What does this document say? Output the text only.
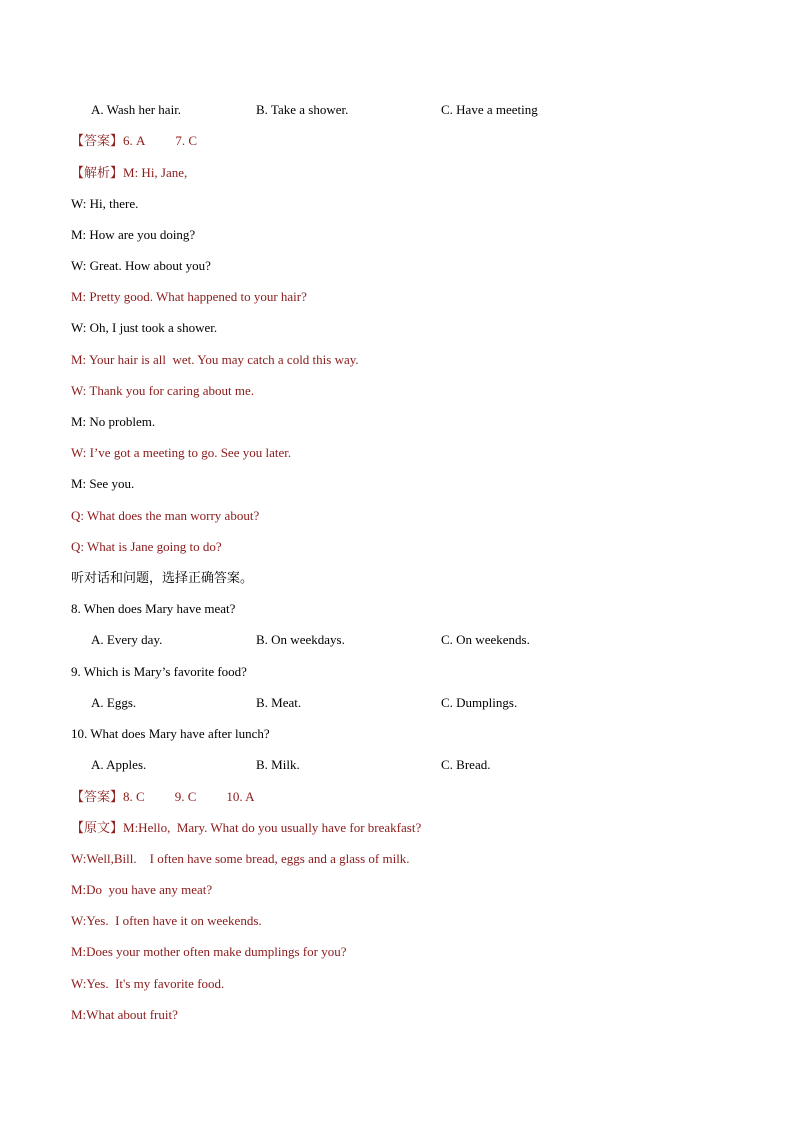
A. Wash her hair.	B. Take a shower.	C. Have a meeting
【答案】6. A 7. C
【解析】M: Hi, Jane,
W: Hi, there.
M: How are you doing?
W: Great. How about you?
M: Pretty good. What happened to your hair?
W: Oh, I just took a shower.
M: Your hair is all  wet. You may catch a cold this way.
W: Thank you for caring about me.
M: No problem.
W: I’ve got a meeting to go. See you later.
M: See you.
Q: What does the man worry about?
Q: What is Jane going to do?
听对话和问题，选择正确答案。
8. When does Mary have meat?
A. Every day.	B. On weekdays.	C. On weekends.
9. Which is Mary’s favorite food?
A. Eggs.	B. Meat.	C. Dumplings.
10. What does Mary have after lunch?
A. Apples.	B. Milk.	C. Bread.
【答案】8. C 9. C 10. A
【原文】M:Hello,  Mary. What do you usually have for breakfast?
W:Well,Bill.    I often have some bread, eggs and a glass of milk.
M:Do  you have any meat?
W:Yes.  I often have it on weekends.
M:Does your mother often make dumplings for you?
W:Yes.  It's my favorite food.
M:What about fruit?
